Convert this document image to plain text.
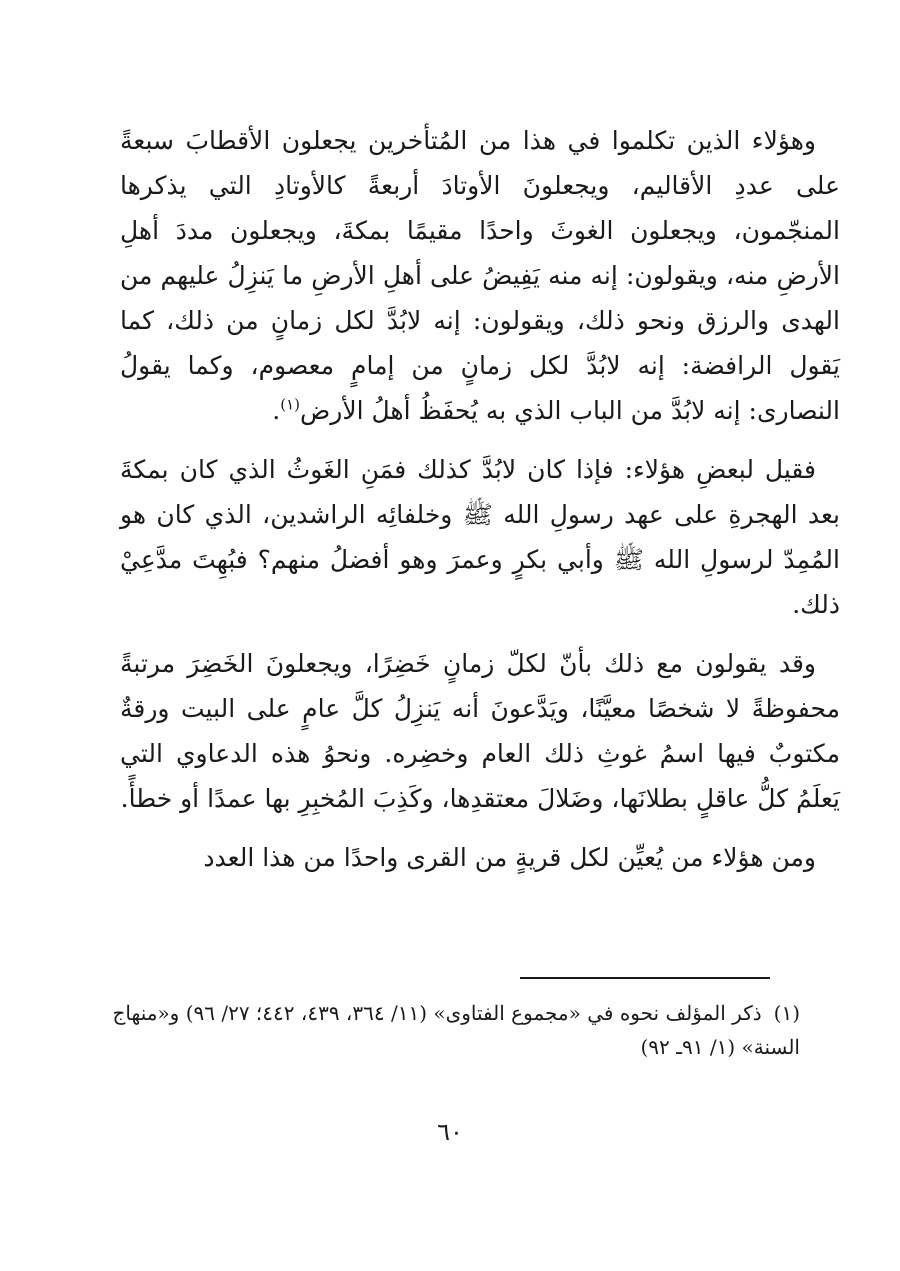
وهؤلاء الذين تكلموا في هذا من المُتأخرين يجعلون الأقطابَ سبعةً على عددِ الأقاليم، ويجعلونَ الأوتادَ أربعةً كالأوتادِ التي يذكرها المنجّمون، ويجعلون الغوثَ واحدًا مقيمًا بمكةَ، ويجعلون مددَ أهلِ الأرضِ منه، ويقولون: إنه منه يَفِيضُ على أهلِ الأرضِ ما يَنزِلُ عليهم من الهدى والرزق ونحو ذلك، ويقولون: إنه لابُدَّ لكل زمانٍ من ذلك، كما يَقول الرافضة: إنه لابُدَّ لكل زمانٍ من إمامٍ معصوم، وكما يقولُ النصارى: إنه لابُدَّ من الباب الذي به يُحفَظُ أهلُ الأرض$^{(١)}$.

فقيل لبعضِ هؤلاء: فإذا كان لابُدَّ كذلك فمَنِ الغَوثُ الذي كان بمكةَ بعد الهجرةِ على عهد رسولِ الله ﷺ وخلفائِه الراشدين، الذي كان هو المُمِدّ لرسولِ الله ﷺ وأبي بكرٍ وعمرَ وهو أفضلُ منهم؟ فبُهِتَ مدَّعِيْ ذلك.

وقد يقولون مع ذلك بأنّ لكلّ زمانٍ خَضِرًا، ويجعلونَ الخَضِرَ مرتبةً محفوظةً لا شخصًا معيَّنًا، ويَدَّعونَ أنه يَنزِلُ كلَّ عامٍ على البيت ورقةٌ مكتوبٌ فيها اسمُ غوثِ ذلك العام وخضِره. ونحوُ هذه الدعاوي التي يَعلَمُ كلُّ عاقلٍ بطلانَها، وضَلالَ معتقدِها، وكَذِبَ المُخبِرِ بها عمدًا أو خطأً.

ومن هؤلاء من يُعيِّن لكل قريةٍ من القرى واحدًا من هذا العدد

(١)ذكر المؤلف نحوه في «مجموع الفتاوى» (١١/ ٣٦٤، ٤٣٩، ٤٤٢؛ ٢٧/ ٩٦) و«منهاج السنة» (١/ ٩١ـ ٩٢)
٦٠
